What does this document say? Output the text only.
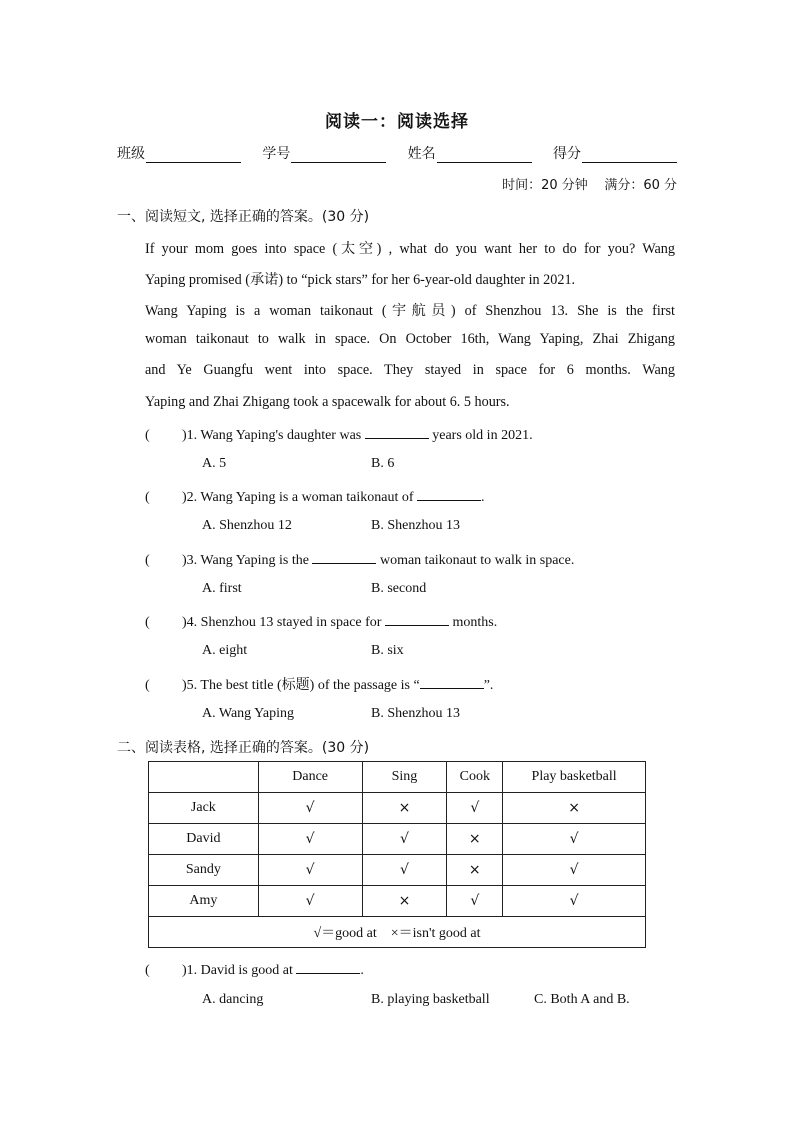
阅读一：阅读选择
班级	学号	姓名	得分
时间：20 分钟    满分：60 分
一、阅读短文, 选择正确的答案。(30 分)
If your mom goes into space (太空) , what do you want her to do for you? Wang
Yaping promised (承诺) to “pick stars” for her 6-year-old daughter in 2021.
Wang Yaping is a woman taikonaut (宇航员) of Shenzhou 13. She is the first
woman taikonaut to walk in space. On October 16th, Wang Yaping, Zhai Zhigang
and Ye Guangfu went into space. They stayed in space for 6 months. Wang
Yaping and Zhai Zhigang took a spacewalk for about 6. 5 hours.
( )1. Wang Yaping's daughter was	years old in 2021.
A. 5	B. 6
( )2. Wang Yaping is a woman taikonaut of	.
A. Shenzhou 12	B. Shenzhou 13
( )3. Wang Yaping is the	woman taikonaut to walk in space.
A. first	B. second
( )4. Shenzhou 13 stayed in space for	months.
A. eight	B. six
( )5. The best title (标题) of the passage is “	”.
A. Wang Yaping	B. Shenzhou 13
二、阅读表格, 选择正确的答案。(30 分)
	Dance	Sing	Cook	Play basketball
Jack	√	×	√	×
David	√	√	×	√
Sandy	√	√	×	√
Amy	√	×	√	√
√＝good at    ×＝isn't good at				
( )1. David is good at	.
A. dancing	B. playing basketball	C. Both A and B.
